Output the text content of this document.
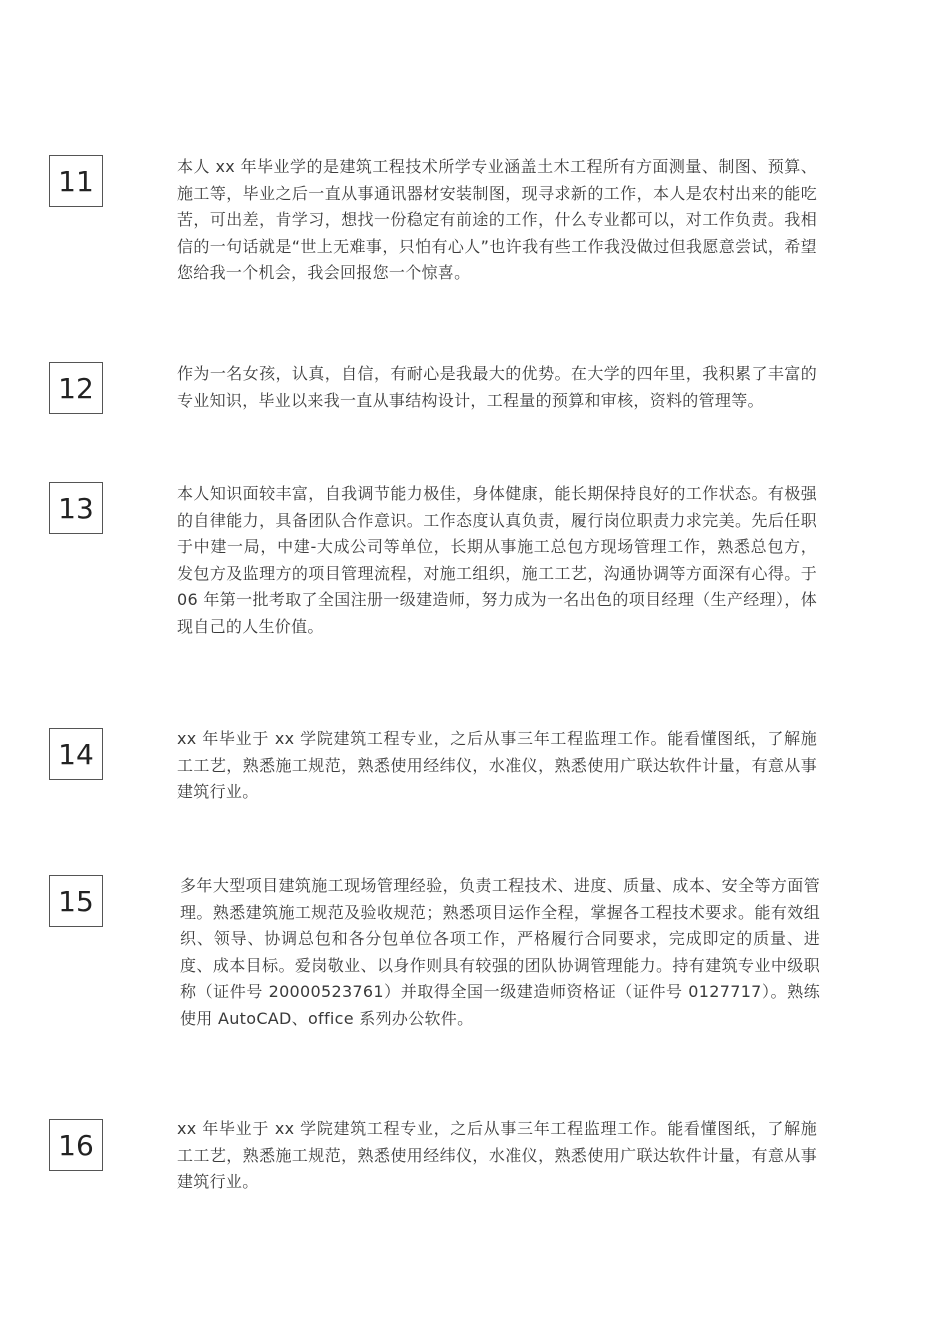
11	本人 xx 年毕业学的是建筑工程技术所学专业涵盖土木工程所有方面测量、制图、预算、施工等，毕业之后一直从事通讯器材安装制图，现寻求新的工作，本人是农村出来的能吃苦，可出差，肯学习，想找一份稳定有前途的工作，什么专业都可以，对工作负责。我相信的一句话就是“世上无难事，只怕有心人”也许我有些工作我没做过但我愿意尝试，希望您给我一个机会，我会回报您一个惊喜。

12	作为一名女孩，认真，自信，有耐心是我最大的优势。在大学的四年里，我积累了丰富的专业知识，毕业以来我一直从事结构设计，工程量的预算和审核，资料的管理等。

13	本人知识面较丰富，自我调节能力极佳，身体健康，能长期保持良好的工作状态。有极强的自律能力，具备团队合作意识。工作态度认真负责，履行岗位职责力求完美。先后任职于中建一局，中建-大成公司等单位，长期从事施工总包方现场管理工作，熟悉总包方，发包方及监理方的项目管理流程，对施工组织，施工工艺，沟通协调等方面深有心得。于 06 年第一批考取了全国注册一级建造师，努力成为一名出色的项目经理（生产经理），体现自己的人生价值。

14	xx 年毕业于 xx 学院建筑工程专业，之后从事三年工程监理工作。能看懂图纸，了解施工工艺，熟悉施工规范，熟悉使用经纬仪，水准仪，熟悉使用广联达软件计量，有意从事建筑行业。

15	多年大型项目建筑施工现场管理经验，负责工程技术、进度、质量、成本、安全等方面管理。熟悉建筑施工规范及验收规范；熟悉项目运作全程，掌握各工程技术要求。能有效组织、领导、协调总包和各分包单位各项工作，严格履行合同要求，完成即定的质量、进度、成本目标。爱岗敬业、以身作则具有较强的团队协调管理能力。持有建筑专业中级职称（证件号 20000523761）并取得全国一级建造师资格证（证件号 0127717）。熟练使用 AutoCAD、office 系列办公软件。

16	xx 年毕业于 xx 学院建筑工程专业，之后从事三年工程监理工作。能看懂图纸，了解施工工艺，熟悉施工规范，熟悉使用经纬仪，水准仪，熟悉使用广联达软件计量，有意从事建筑行业。
